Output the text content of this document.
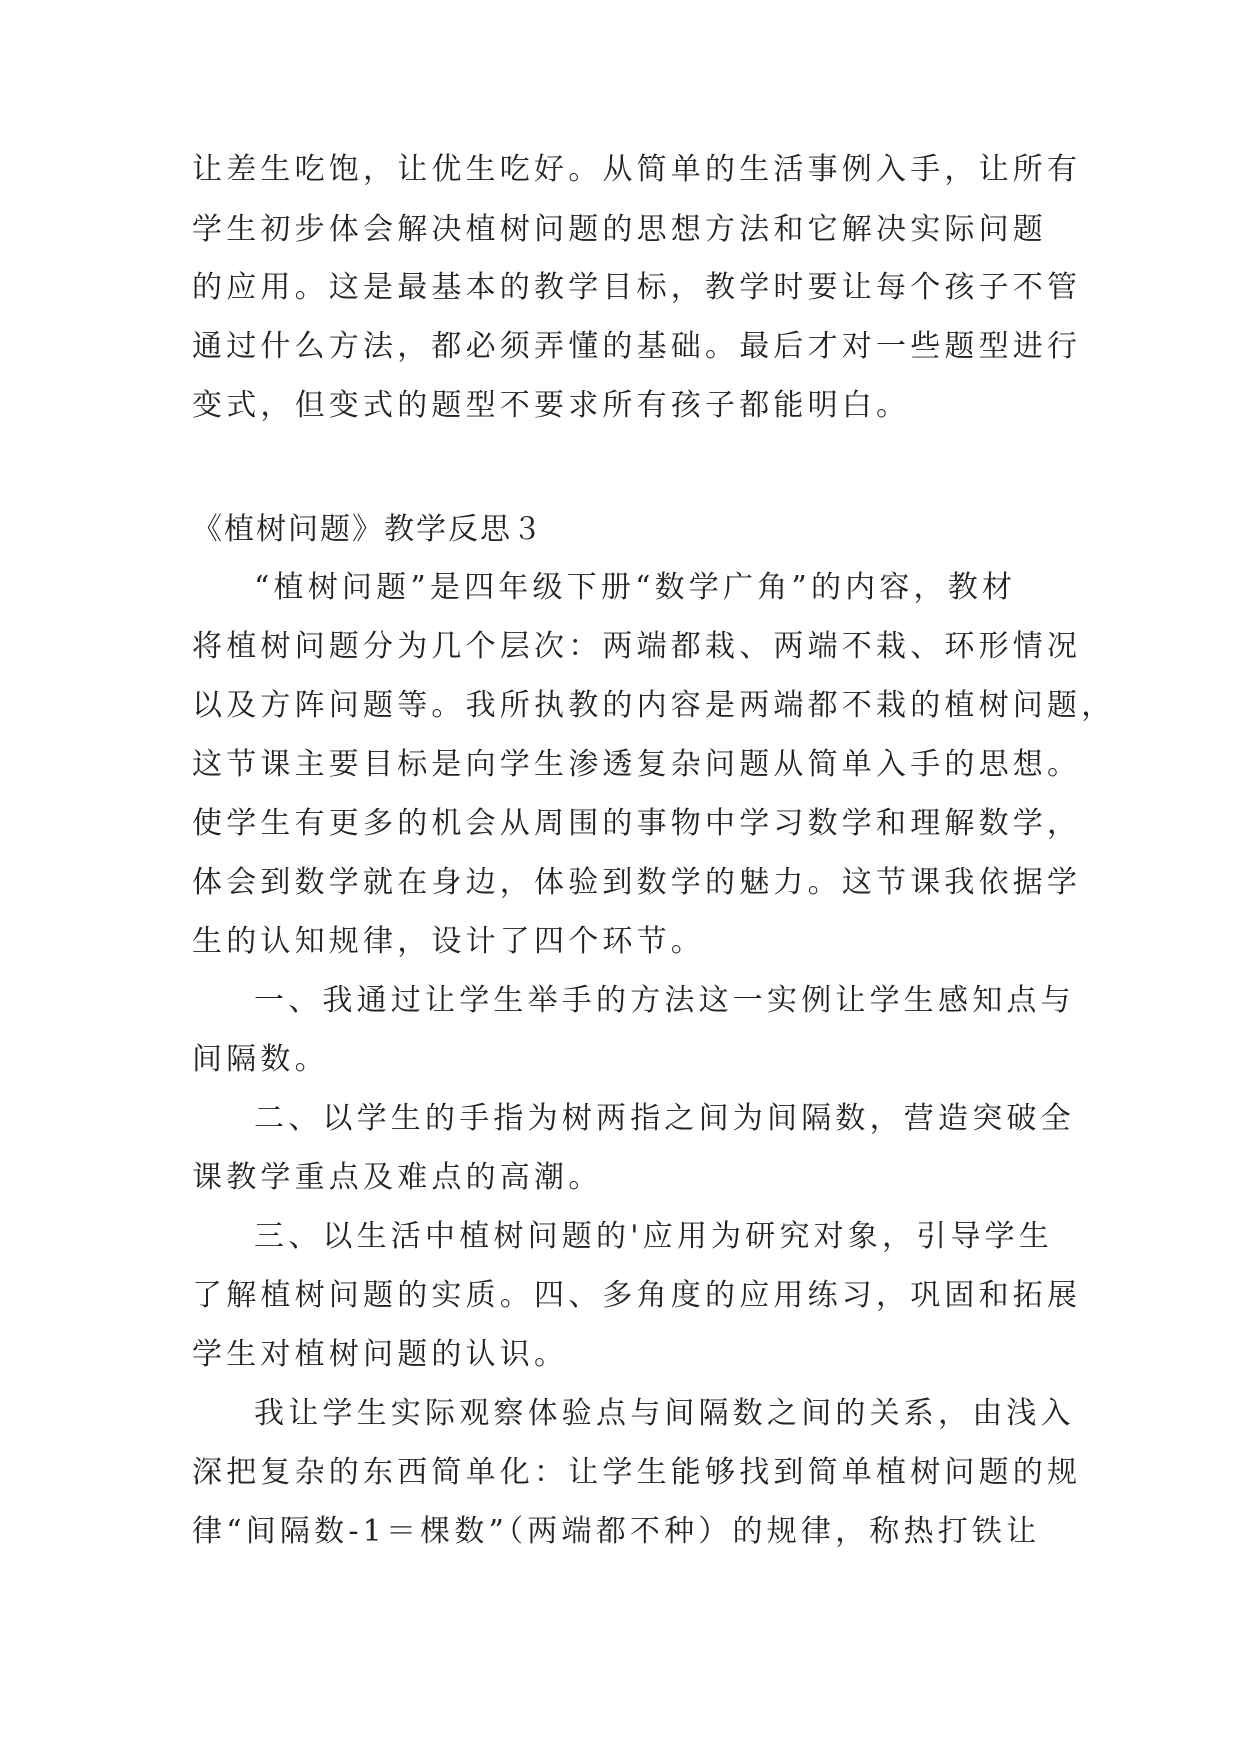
让差生吃饱，让优生吃好。从简单的生活事例入手，让所有
学生初步体会解决植树问题的思想方法和它解决实际问题
的应用。这是最基本的教学目标，教学时要让每个孩子不管
通过什么方法，都必须弄懂的基础。最后才对一些题型进行
变式，但变式的题型不要求所有孩子都能明白。
《植树问题》教学反思３
“植树问题”是四年级下册“数学广角”的内容，教材
将植树问题分为几个层次：两端都栽、两端不栽、环形情况
以及方阵问题等。我所执教的内容是两端都不栽的植树问题，
这节课主要目标是向学生渗透复杂问题从简单入手的思想。
使学生有更多的机会从周围的事物中学习数学和理解数学，
体会到数学就在身边，体验到数学的魅力。这节课我依据学
生的认知规律，设计了四个环节。
一、我通过让学生举手的方法这一实例让学生感知点与
间隔数。
二、以学生的手指为树两指之间为间隔数，营造突破全
课教学重点及难点的高潮。
三、以生活中植树问题的'应用为研究对象，引导学生
了解植树问题的实质。四、多角度的应用练习，巩固和拓展
学生对植树问题的认识。
我让学生实际观察体验点与间隔数之间的关系，由浅入
深把复杂的东西简单化：让学生能够找到简单植树问题的规
律“间隔数-1＝棵数”（两端都不种）的规律，称热打铁让
